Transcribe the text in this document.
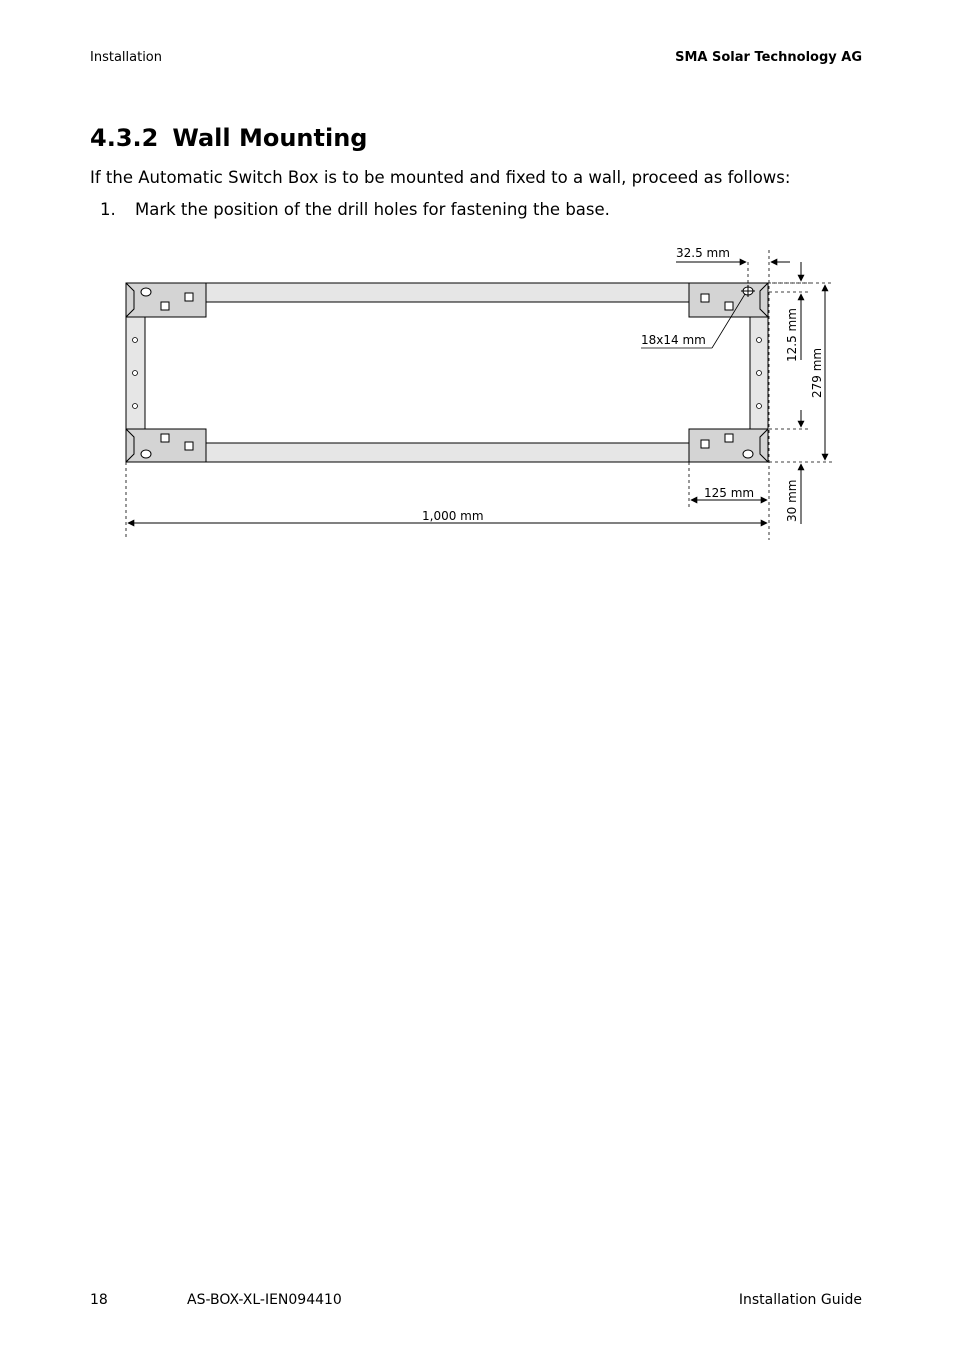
Installation	SMA Solar Technology AG
4.3.2 Wall Mounting
If the Automatic Switch Box is to be mounted and fixed to a wall, proceed as follows:
1. Mark the position of the drill holes for fastening the base.
32.5 mm
18x14 mm	12.5 mm
279 mm
30 mm
125 mm
1,000 mm
18	AS-BOX-XL-IEN094410	Installation Guide
